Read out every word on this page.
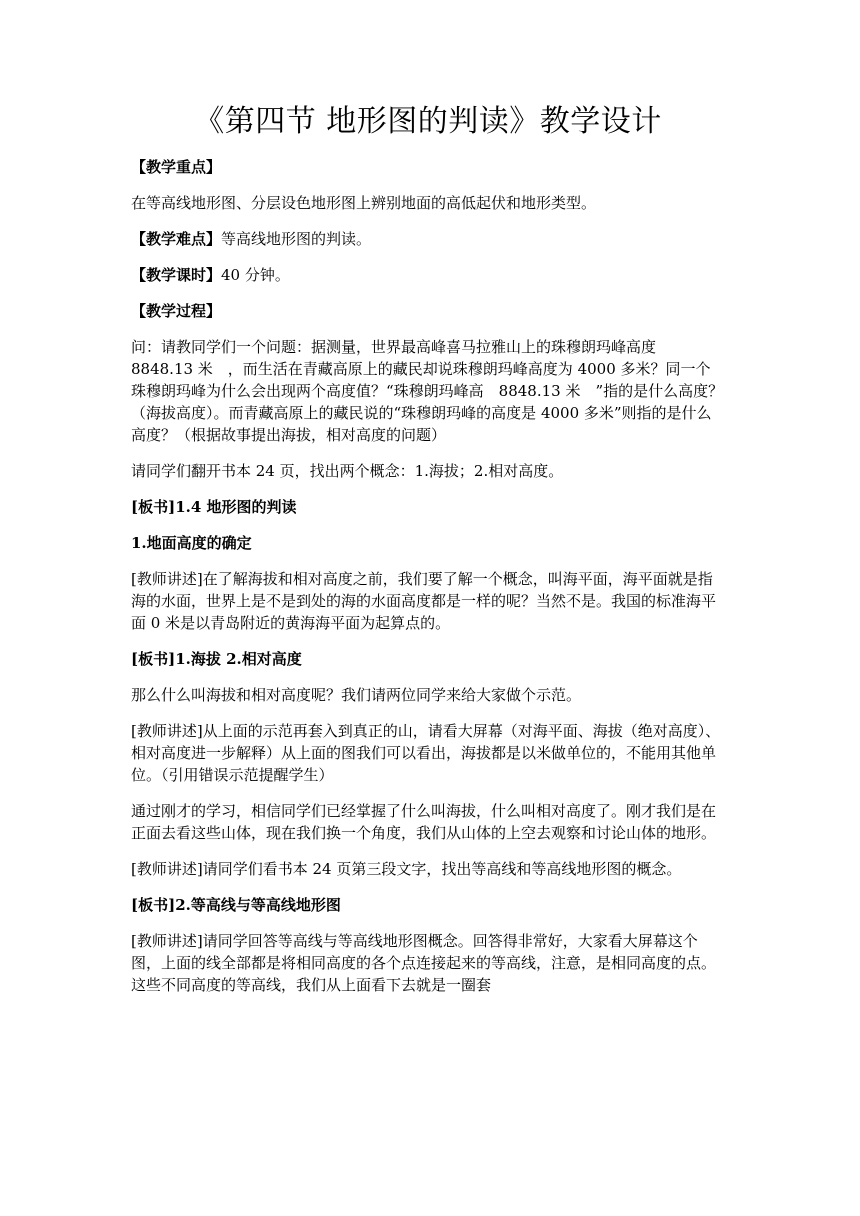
《第四节 地形图的判读》教学设计

【教学重点】

在等高线地形图、分层设色地形图上辨别地面的高低起伏和地形类型。

【教学难点】等高线地形图的判读。

【教学课时】40 分钟。

【教学过程】

问：请教同学们一个问题：据测量，世界最高峰喜马拉雅山上的珠穆朗玛峰高度　8848.13 米　，而生活在青藏高原上的藏民却说珠穆朗玛峰高度为 4000 多米？同一个珠穆朗玛峰为什么会出现两个高度值？“珠穆朗玛峰高　8848.13 米　”指的是什么高度？（海拔高度）。而青藏高原上的藏民说的“珠穆朗玛峰的高度是 4000 多米”则指的是什么高度？（根据故事提出海拔，相对高度的问题）

请同学们翻开书本 24 页，找出两个概念：1.海拔；2.相对高度。

[板书]1.4 地形图的判读

1.地面高度的确定

[教师讲述]在了解海拔和相对高度之前，我们要了解一个概念，叫海平面，海平面就是指海的水面，世界上是不是到处的海的水面高度都是一样的呢？当然不是。我国的标准海平面 0 米是以青岛附近的黄海海平面为起算点的。

[板书]1.海拔 2.相对高度

那么什么叫海拔和相对高度呢？我们请两位同学来给大家做个示范。

[教师讲述]从上面的示范再套入到真正的山，请看大屏幕（对海平面、海拔（绝对高度）、相对高度进一步解释）从上面的图我们可以看出，海拔都是以米做单位的，不能用其他单位。（引用错误示范提醒学生）

通过刚才的学习，相信同学们已经掌握了什么叫海拔，什么叫相对高度了。刚才我们是在正面去看这些山体，现在我们换一个角度，我们从山体的上空去观察和讨论山体的地形。

[教师讲述]请同学们看书本 24 页第三段文字，找出等高线和等高线地形图的概念。

[板书]2.等高线与等高线地形图

[教师讲述]请同学回答等高线与等高线地形图概念。回答得非常好，大家看大屏幕这个图，上面的线全部都是将相同高度的各个点连接起来的等高线，注意，是相同高度的点。这些不同高度的等高线，我们从上面看下去就是一圈套
